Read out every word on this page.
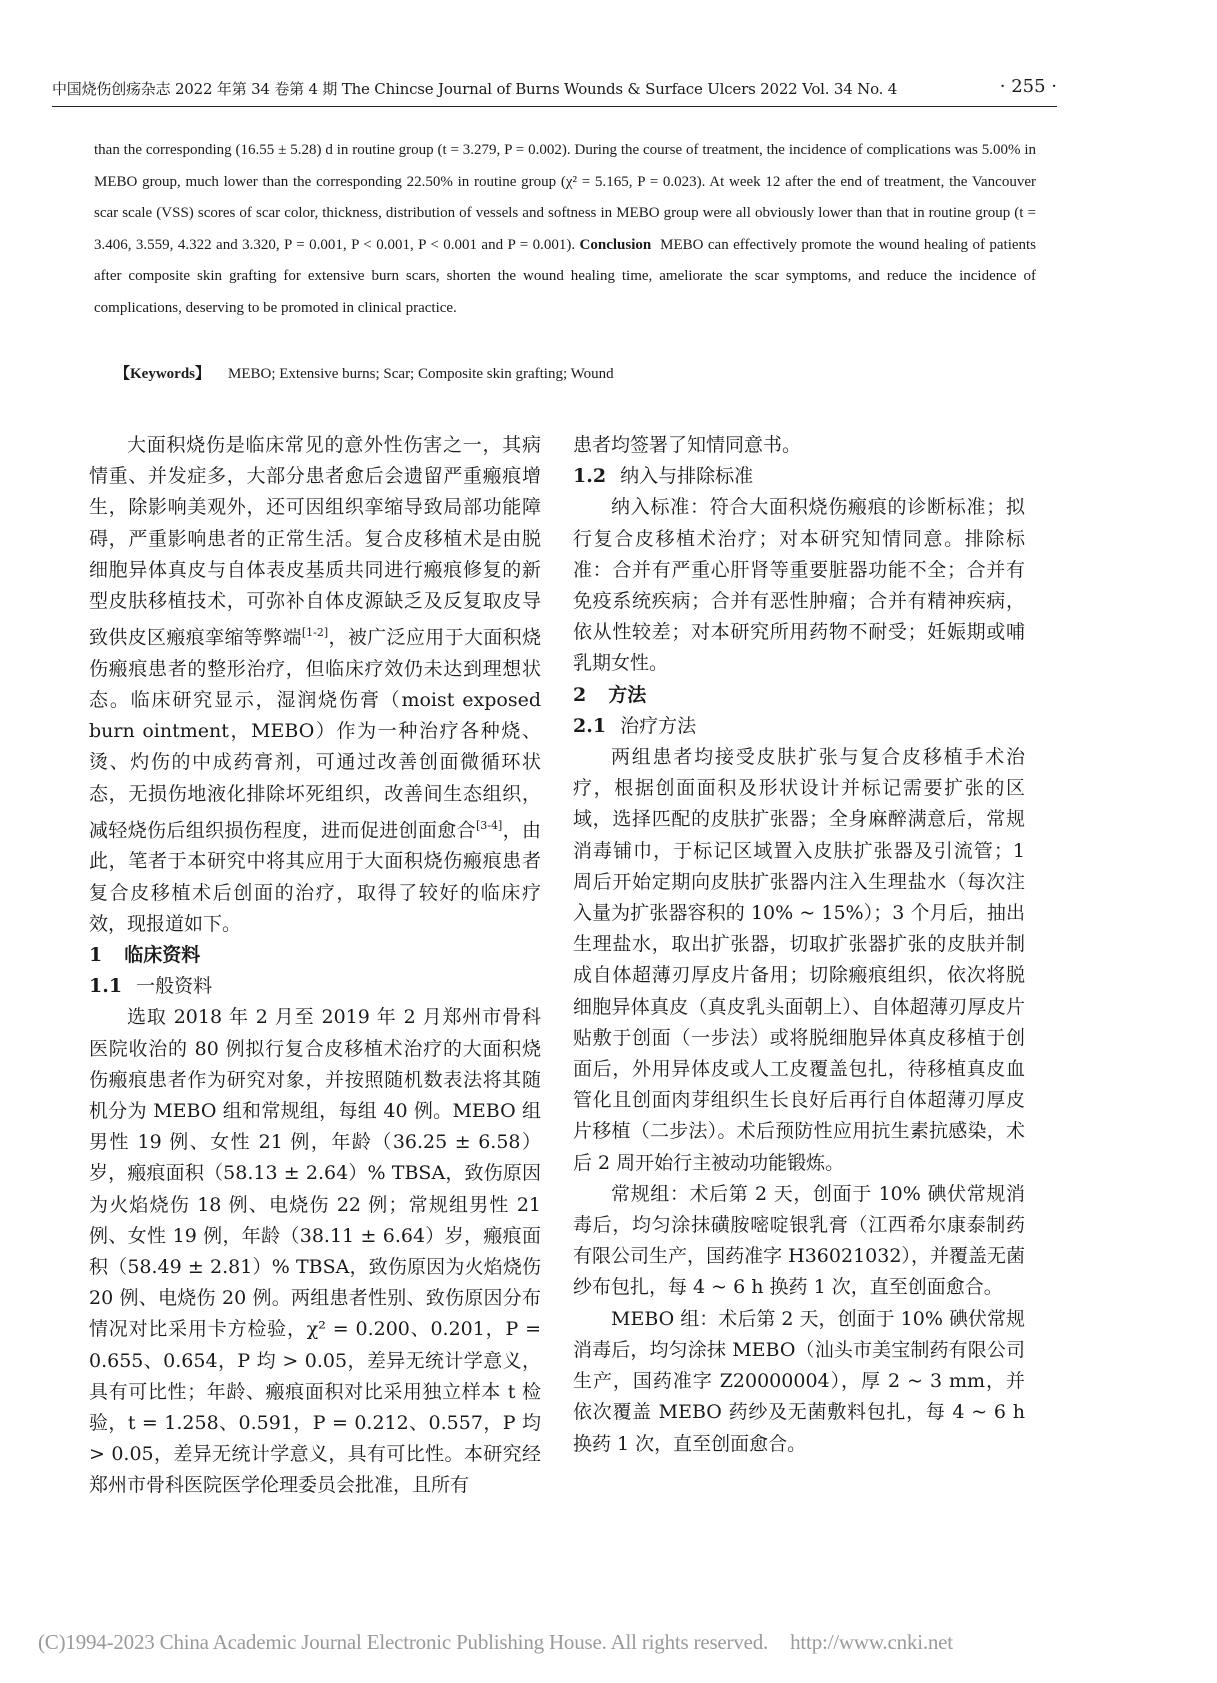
中国烧伤创疡杂志 2022 年第 34 卷第 4 期 The Chincse Journal of Burns Wounds & Surface Ulcers 2022 Vol. 34 No. 4	· 255 ·

than the corresponding (16.55 ± 5.28) d in routine group (t = 3.279, P = 0.002). During the course of treatment, the incidence of complications was 5.00% in MEBO group, much lower than the corresponding 22.50% in routine group (χ² = 5.165, P = 0.023). At week 12 after the end of treatment, the Vancouver scar scale (VSS) scores of scar color, thickness, distribution of vessels and softness in MEBO group were all obviously lower than that in routine group (t = 3.406, 3.559, 4.322 and 3.320, P = 0.001, P < 0.001, P < 0.001 and P = 0.001). Conclusion MEBO can effectively promote the wound healing of patients after composite skin grafting for extensive burn scars, shorten the wound healing time, ameliorate the scar symptoms, and reduce the incidence of complications, deserving to be promoted in clinical practice.

【Keywords】 MEBO; Extensive burns; Scar; Composite skin grafting; Wound

大面积烧伤是临床常见的意外性伤害之一，其病情重、并发症多，大部分患者愈后会遗留严重瘢痕增生，除影响美观外，还可因组织挛缩导致局部功能障碍，严重影响患者的正常生活。复合皮移植术是由脱细胞异体真皮与自体表皮基质共同进行瘢痕修复的新型皮肤移植技术，可弥补自体皮源缺乏及反复取皮导致供皮区瘢痕挛缩等弊端[1-2]，被广泛应用于大面积烧伤瘢痕患者的整形治疗，但临床疗效仍未达到理想状态。临床研究显示，湿润烧伤膏（moist exposed burn ointment，MEBO）作为一种治疗各种烧、烫、灼伤的中成药膏剂，可通过改善创面微循环状态，无损伤地液化排除坏死组织，改善间生态组织，减轻烧伤后组织损伤程度，进而促进创面愈合[3-4]，由此，笔者于本研究中将其应用于大面积烧伤瘢痕患者复合皮移植术后创面的治疗，取得了较好的临床疗效，现报道如下。

1 临床资料
1.1 一般资料

选取 2018 年 2 月至 2019 年 2 月郑州市骨科医院收治的 80 例拟行复合皮移植术治疗的大面积烧伤瘢痕患者作为研究对象，并按照随机数表法将其随机分为 MEBO 组和常规组，每组 40 例。MEBO 组男性 19 例、女性 21 例，年龄（36.25 ± 6.58）岁，瘢痕面积（58.13 ± 2.64）% TBSA，致伤原因为火焰烧伤 18 例、电烧伤 22 例；常规组男性 21 例、女性 19 例，年龄（38.11 ± 6.64）岁，瘢痕面积（58.49 ± 2.81）% TBSA，致伤原因为火焰烧伤 20 例、电烧伤 20 例。两组患者性别、致伤原因分布情况对比采用卡方检验，χ² = 0.200、0.201，P = 0.655、0.654，P 均 > 0.05，差异无统计学意义，具有可比性；年龄、瘢痕面积对比采用独立样本 t 检验，t = 1.258、0.591，P = 0.212、0.557，P 均 > 0.05，差异无统计学意义，具有可比性。本研究经郑州市骨科医院医学伦理委员会批准，且所有

患者均签署了知情同意书。

1.2 纳入与排除标准

纳入标准：符合大面积烧伤瘢痕的诊断标准；拟行复合皮移植术治疗；对本研究知情同意。排除标准：合并有严重心肝肾等重要脏器功能不全；合并有免疫系统疾病；合并有恶性肿瘤；合并有精神疾病，依从性较差；对本研究所用药物不耐受；妊娠期或哺乳期女性。

2 方法
2.1 治疗方法

两组患者均接受皮肤扩张与复合皮移植手术治疗，根据创面面积及形状设计并标记需要扩张的区域，选择匹配的皮肤扩张器；全身麻醉满意后，常规消毒铺巾，于标记区域置入皮肤扩张器及引流管；1 周后开始定期向皮肤扩张器内注入生理盐水（每次注入量为扩张器容积的 10% ~ 15%）；3 个月后，抽出生理盐水，取出扩张器，切取扩张器扩张的皮肤并制成自体超薄刃厚皮片备用；切除瘢痕组织，依次将脱细胞异体真皮（真皮乳头面朝上）、自体超薄刃厚皮片贴敷于创面（一步法）或将脱细胞异体真皮移植于创面后，外用异体皮或人工皮覆盖包扎，待移植真皮血管化且创面肉芽组织生长良好后再行自体超薄刃厚皮片移植（二步法）。术后预防性应用抗生素抗感染，术后 2 周开始行主被动功能锻炼。

常规组：术后第 2 天，创面于 10% 碘伏常规消毒后，均匀涂抹磺胺嘧啶银乳膏（江西希尔康泰制药有限公司生产，国药准字 H36021032），并覆盖无菌纱布包扎，每 4 ~ 6 h 换药 1 次，直至创面愈合。

MEBO 组：术后第 2 天，创面于 10% 碘伏常规消毒后，均匀涂抹 MEBO（汕头市美宝制药有限公司生产，国药准字 Z20000004），厚 2 ~ 3 mm，并依次覆盖 MEBO 药纱及无菌敷料包扎，每 4 ~ 6 h 换药 1 次，直至创面愈合。

(C)1994-2023 China Academic Journal Electronic Publishing House. All rights reserved. http://www.cnki.net
